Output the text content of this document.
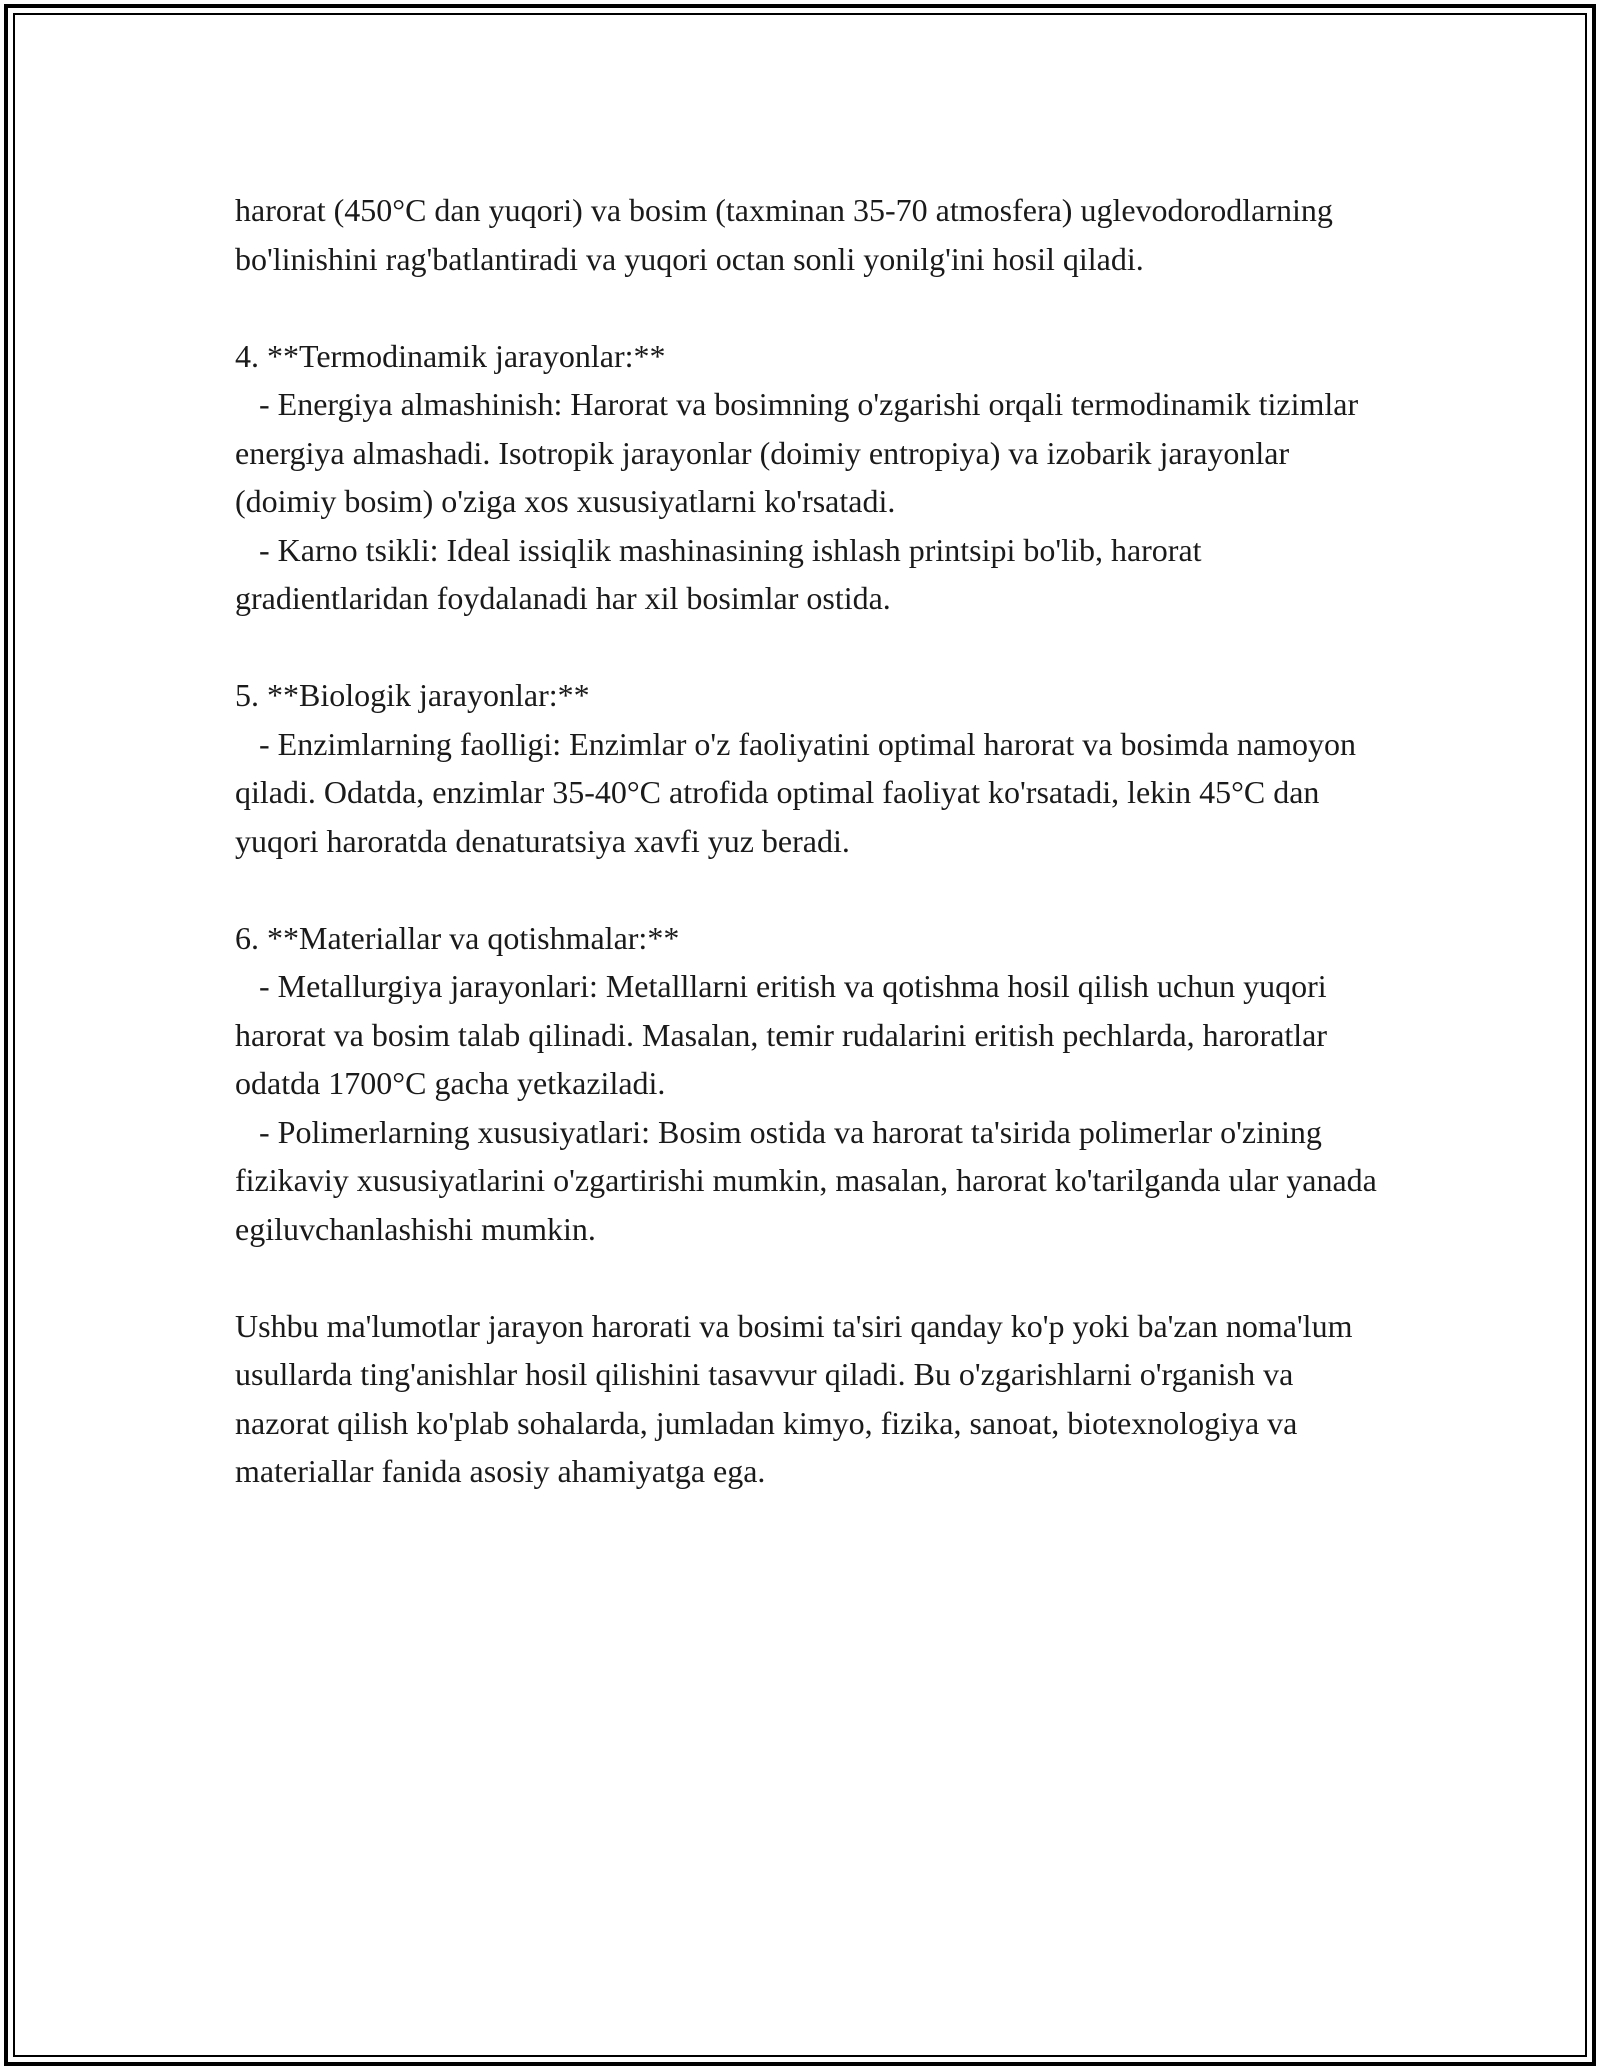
harorat (450°C dan yuqori) va bosim (taxminan 35-70 atmosfera) uglevodorodlarning bo'linishini rag'batlantiradi va yuqori octan sonli yonilg'ini hosil qiladi.

4. **Termodinamik jarayonlar:**

- Energiya almashinish: Harorat va bosimning o'zgarishi orqali termodinamik tizimlar energiya almashadi. Isotropik jarayonlar (doimiy entropiya) va izobarik jarayonlar (doimiy bosim) o'ziga xos xususiyatlarni ko'rsatadi.

- Karno tsikli: Ideal issiqlik mashinasining ishlash printsipi bo'lib, harorat gradientlaridan foydalanadi har xil bosimlar ostida.

5. **Biologik jarayonlar:**

- Enzimlarning faolligi: Enzimlar o'z faoliyatini optimal harorat va bosimda namoyon qiladi. Odatda, enzimlar 35-40°C atrofida optimal faoliyat ko'rsatadi, lekin 45°C dan yuqori haroratda denaturatsiya xavfi yuz beradi.

6. **Materiallar va qotishmalar:**

- Metallurgiya jarayonlari: Metalllarni eritish va qotishma hosil qilish uchun yuqori harorat va bosim talab qilinadi. Masalan, temir rudalarini eritish pechlarda, haroratlar odatda 1700°C gacha yetkaziladi.

- Polimerlarning xususiyatlari: Bosim ostida va harorat ta'sirida polimerlar o'zining fizikaviy xususiyatlarini o'zgartirishi mumkin, masalan, harorat ko'tarilganda ular yanada egiluvchanlashishi mumkin.

Ushbu ma'lumotlar jarayon harorati va bosimi ta'siri qanday ko'p yoki ba'zan noma'lum usullarda ting'anishlar hosil qilishini tasavvur qiladi. Bu o'zgarishlarni o'rganish va nazorat qilish ko'plab sohalarda, jumladan kimyo, fizika, sanoat, biotexnologiya va materiallar fanida asosiy ahamiyatga ega.
